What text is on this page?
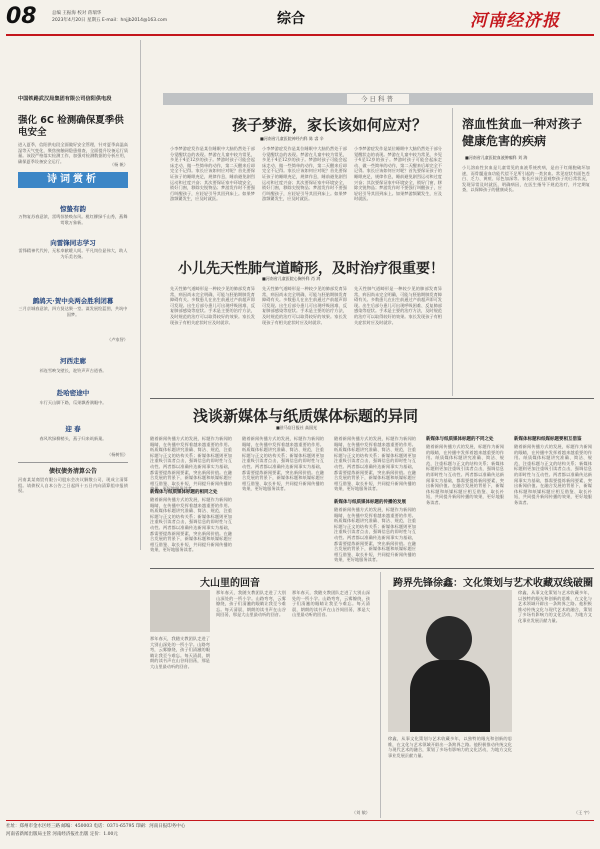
08	总编 王振海 校对 蒋瑞华
2023年4月20日 星期五 E-mail：hnjjb2014@163.com	综合	河南经济报
中国铁路武汉局集团有限公司信阳供电段
强化 6C 检测确保夏季供电安全
进入夏季，信阳供电段全面做好安全管理，针对夏季高温高湿等天气变化，聚焦接触网隐患排查，全面提升设备运行质量。该段严格落实检测工作，加强对检测数据的分析应用，确保夏季设备安全运行。
（杨 帆）
诗词赏析
惊蛰有韵
万物复苏春意浓，雷鸣惊蛰唤东风。桃红柳绿千山秀，燕舞莺歌万象新。
向雷锋同志学习
雷锋精神代代传，无私奉献暖人间。平凡岗位显伟大，助人为乐美名扬。
鹧鸪天·贺中央两会胜利闭幕
三月京城春意浓，四方贤达聚一堂。谋发展绘蓝图，共筑中国梦。
（卢家智）
河西走廊
祁连雪映戈壁长，驼铃声声古道香。
赴哈密途中
车行天山脚下路，瓜果飘香满眼中。
迎 春
春风吹绿柳梢头，燕子归来筑新巢。
（杨树恒）
债权债务清算公告
河南某某商贸有限公司股东会决议解散公司，现成立清算组。请债权人自本公告之日起四十五日内向清算组申报债权。
今日科普
孩子梦游，家长该如何应对？
■河南省儿童医院神经内科 陈 睿 辛
小李梦游症发作是某位睡眠中大脑仍然处于部分觉醒状态的表现。梦游在儿童中较为常见，多见于4至12岁的孩子。梦游时孩子可能会起床走动、做一些简单的动作，第二天醒来后却完全不记得。家长应该如何应对呢？首先要保证孩子的睡眠充足，规律作息，睡前避免剧烈运动和过度兴奋；其次要保证家中环境安全，锁好门窗，移除尖锐物品；梦游发作时不要强行叫醒孩子，应轻轻引导其回到床上。如果梦游频繁发生，应及时就医。
小李梦游症发作是某位睡眠中大脑仍然处于部分觉醒状态的表现。梦游在儿童中较为常见，多见于4至12岁的孩子。梦游时孩子可能会起床走动、做一些简单的动作，第二天醒来后却完全不记得。家长应该如何应对呢？首先要保证孩子的睡眠充足，规律作息，睡前避免剧烈运动和过度兴奋；其次要保证家中环境安全，锁好门窗，移除尖锐物品；梦游发作时不要强行叫醒孩子，应轻轻引导其回到床上。如果梦游频繁发生，应及时就医。
小李梦游症发作是某位睡眠中大脑仍然处于部分觉醒状态的表现。梦游在儿童中较为常见，多见于4至12岁的孩子。梦游时孩子可能会起床走动、做一些简单的动作，第二天醒来后却完全不记得。家长应该如何应对呢？首先要保证孩子的睡眠充足，规律作息，睡前避免剧烈运动和过度兴奋；其次要保证家中环境安全，锁好门窗，移除尖锐物品；梦游发作时不要强行叫醒孩子，应轻轻引导其回到床上。如果梦游频繁发生，应及时就医。
小儿先天性肺气道畸形，及时治疗很重要！
■河南省儿童医院心胸外科 肖 鸿
先天性肺气道畸形是一种较少见的肺部发育异常，病因尚未完全明确，可能与胚胎期肺发育障碍有关。多数患儿在出生前通过产前超声即可发现。出生后部分患儿可出现呼吸困难、反复肺部感染等症状。手术是主要的治疗方法，及时规范的治疗可以取得较好的效果。家长发现孩子有相关症状时应及时就诊。
先天性肺气道畸形是一种较少见的肺部发育异常，病因尚未完全明确，可能与胚胎期肺发育障碍有关。多数患儿在出生前通过产前超声即可发现。出生后部分患儿可出现呼吸困难、反复肺部感染等症状。手术是主要的治疗方法，及时规范的治疗可以取得较好的效果。家长发现孩子有相关症状时应及时就诊。
先天性肺气道畸形是一种较少见的肺部发育异常，病因尚未完全明确，可能与胚胎期肺发育障碍有关。多数患儿在出生前通过产前超声即可发现。出生后部分患儿可出现呼吸困难、反复肺部感染等症状。手术是主要的治疗方法，及时规范的治疗可以取得较好的效果。家长发现孩子有相关症状时应及时就诊。
溶血性贫血一种对孩子健康危害的疾病
■河南省儿童医院血液肿瘤科 刘 海
小儿溶血性贫血是儿童常见的血液系统疾病，是由于红细胞破坏加速，而骨髓造血功能代偿不足所引起的一类贫血。常见症状有面色苍白、乏力、黄疸、尿色加深等。家长应该注意观察孩子的日常状况，发现异常及时就医，明确病因，在医生指导下规范治疗，并定期复查，以保障孩子的健康成长。
浅谈新媒体与纸质媒体标题的异同
■驻马店日报社 高国光
随着新闻传播方式的发展，标题作为新闻的眼睛，在传播中发挥着越来越重要的作用。纸质媒体标题讲究准确、简洁、规范，注重标题与正文的结构关系；新媒体标题则更加注重吸引读者点击，强调信息的即时性与互动性。两者都以准确传达新闻事实为基础，都需要提炼新闻要素，突出新闻价值。在融合发展的背景下，新媒体标题和纸媒标题应相互借鉴、取长补短，共同提升新闻传播的效果，更好地服务读者。
新媒体与纸质媒体标题的相同之处
随着新闻传播方式的发展，标题作为新闻的眼睛，在传播中发挥着越来越重要的作用。纸质媒体标题讲究准确、简洁、规范，注重标题与正文的结构关系；新媒体标题则更加注重吸引读者点击，强调信息的即时性与互动性。两者都以准确传达新闻事实为基础，都需要提炼新闻要素，突出新闻价值。在融合发展的背景下，新媒体标题和纸媒标题应相互借鉴、取长补短，共同提升新闻传播的效果，更好地服务读者。
随着新闻传播方式的发展，标题作为新闻的眼睛，在传播中发挥着越来越重要的作用。纸质媒体标题讲究准确、简洁、规范，注重标题与正文的结构关系；新媒体标题则更加注重吸引读者点击，强调信息的即时性与互动性。两者都以准确传达新闻事实为基础，都需要提炼新闻要素，突出新闻价值。在融合发展的背景下，新媒体标题和纸媒标题应相互借鉴、取长补短，共同提升新闻传播的效果，更好地服务读者。
随着新闻传播方式的发展，标题作为新闻的眼睛，在传播中发挥着越来越重要的作用。纸质媒体标题讲究准确、简洁、规范，注重标题与正文的结构关系；新媒体标题则更加注重吸引读者点击，强调信息的即时性与互动性。两者都以准确传达新闻事实为基础，都需要提炼新闻要素，突出新闻价值。在融合发展的背景下，新媒体标题和纸媒标题应相互借鉴、取长补短，共同提升新闻传播的效果，更好地服务读者。
新媒体与纸质媒体标题的传播的发展
随着新闻传播方式的发展，标题作为新闻的眼睛，在传播中发挥着越来越重要的作用。纸质媒体标题讲究准确、简洁、规范，注重标题与正文的结构关系；新媒体标题则更加注重吸引读者点击，强调信息的即时性与互动性。两者都以准确传达新闻事实为基础，都需要提炼新闻要素，突出新闻价值。在融合发展的背景下，新媒体标题和纸媒标题应相互借鉴、取长补短，共同提升新闻传播的效果，更好地服务读者。
新媒体与纸质媒体标题的不同之处
随着新闻传播方式的发展，标题作为新闻的眼睛，在传播中发挥着越来越重要的作用。纸质媒体标题讲究准确、简洁、规范，注重标题与正文的结构关系；新媒体标题则更加注重吸引读者点击，强调信息的即时性与互动性。两者都以准确传达新闻事实为基础，都需要提炼新闻要素，突出新闻价值。在融合发展的背景下，新媒体标题和纸媒标题应相互借鉴、取长补短，共同提升新闻传播的效果，更好地服务读者。
新媒体标题和纸媒标题要相互借鉴
随着新闻传播方式的发展，标题作为新闻的眼睛，在传播中发挥着越来越重要的作用。纸质媒体标题讲究准确、简洁、规范，注重标题与正文的结构关系；新媒体标题则更加注重吸引读者点击，强调信息的即时性与互动性。两者都以准确传达新闻事实为基础，都需要提炼新闻要素，突出新闻价值。在融合发展的背景下，新媒体标题和纸媒标题应相互借鉴、取长补短，共同提升新闻传播的效果，更好地服务读者。
大山里的回音
那年春天，我随支教团队走进了大别山深处的一所小学。山路弯弯，云雾缭绕，孩子们清澈的眼睛让我至今难忘。每天清晨，朗朗的读书声在山谷间回荡，那是大山里最动听的回音。
那年春天，我随支教团队走进了大别山深处的一所小学。山路弯弯，云雾缭绕，孩子们清澈的眼睛让我至今难忘。每天清晨，朗朗的读书声在山谷间回荡，那是大山里最动听的回音。
那年春天，我随支教团队走进了大别山深处的一所小学。山路弯弯，云雾缭绕，孩子们清澈的眼睛让我至今难忘。每天清晨，朗朗的读书声在山谷间回荡，那是大山里最动听的回音。
（刘 敏）
跨界先锋徐鑫：文化策划与艺术收藏双线破圈
徐鑫，从事文化策划与艺术收藏多年，以独特的眼光和创新的思维，在文化与艺术领域开辟出一条跨界之路。他积极推动传统文化与现代艺术的融合，策划了多场有影响力的文化活动，为地方文化事业发展贡献力量。
徐鑫，从事文化策划与艺术收藏多年，以独特的眼光和创新的思维，在文化与艺术领域开辟出一条跨界之路。他积极推动传统文化与现代艺术的融合，策划了多场有影响力的文化活动，为地方文化事业发展贡献力量。
（王 宇）
社址：郑州市金水区经三路 邮编：450003 电话：0371-65795 印刷：河南日报印务中心
河南省新闻出版局主管 河南经济报社出版 定价：1.00元
